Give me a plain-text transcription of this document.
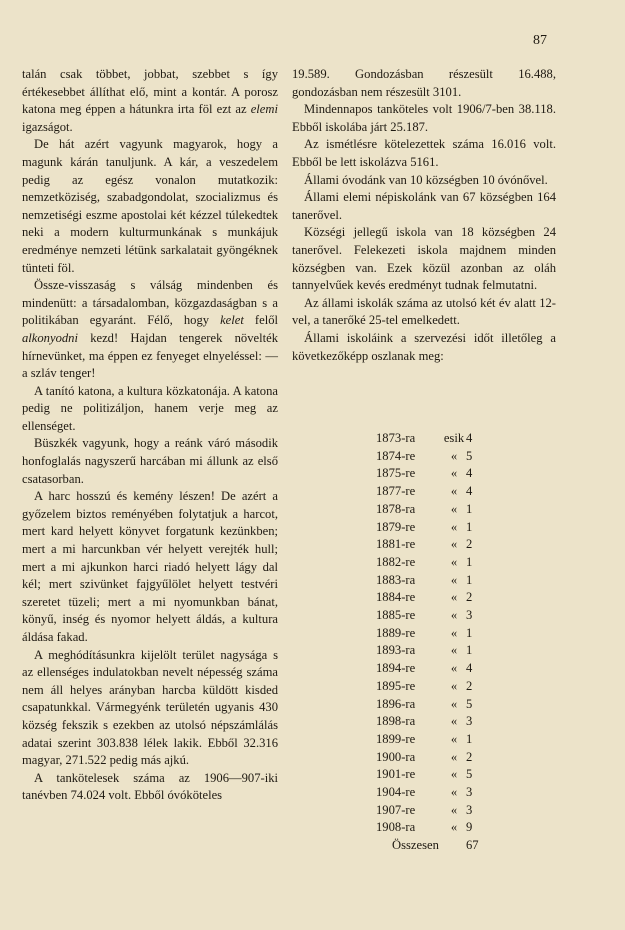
87

talán csak többet, jobbat, szebbet s így értékesebbet állíthat elő, mint a kontár. A porosz katona meg éppen a hátunkra irta föl ezt az elemi igazságot.

De hát azért vagyunk magyarok, hogy a magunk kárán tanuljunk. A kár, a veszedelem pedig az egész vonalon mutatkozik: nemzetköziség, szabadgondolat, szocializmus és nemzetiségi eszme apostolai két kézzel túlekedtek neki a modern kulturmunkának s munkájuk eredménye nemzeti létünk sarkalatait gyöngéknek tünteti föl.

Össze-visszaság s válság mindenben és mindenütt: a társadalomban, közgazdaságban s a politikában egyaránt. Félő, hogy kelet felől alkonyodni kezd! Hajdan tengerek növelték hírnevünket, ma éppen ez fenyeget elnyeléssel: — a szláv tenger!

A tanító katona, a kultura közkatonája. A katona pedig ne politizáljon, hanem verje meg az ellenséget.

Büszkék vagyunk, hogy a reánk váró második honfoglalás nagyszerű harcában mi állunk az első csatasorban.

A harc hosszú és kemény lészen! De azért a győzelem biztos reményében folytatjuk a harcot, mert kard helyett könyvet forgatunk kezünkben; mert a mi harcunkban vér helyett verejték hull; mert a mi ajkunkon harci riadó helyett lágy dal kél; mert szivünket fajgyűlölet helyett testvéri szeretet tüzeli; mert a mi nyomunkban bánat, könyű, inség és nyomor helyett áldás, a kultura áldása fakad.

A meghódításunkra kijelölt terület nagysága s az ellenséges indulatokban nevelt népesség száma nem áll helyes arányban harcba küldött kisded csapatunkkal. Vármegyénk területén ugyanis 430 község fekszik s ezekben az utolsó népszámlálás adatai szerint 303.838 lélek lakik. Ebből 32.316 magyar, 271.522 pedig más ajkú.

A tankötelesek száma az 1906—907-iki tanévben 74.024 volt. Ebből óvóköteles

19.589. Gondozásban részesült 16.488, gondozásban nem részesült 3101.

Mindennapos tanköteles volt 1906/7-ben 38.118. Ebből iskolába járt 25.187.

Az ismétlésre kötelezettek száma 16.016 volt. Ebből be lett iskolázva 5161.

Állami óvodánk van 10 községben 10 óvónővel.

Állami elemi népiskolánk van 67 községben 164 tanerővel.

Községi jellegű iskola van 18 községben 24 tanerővel. Felekezeti iskola majdnem minden községben van. Ezek közül azonban az oláh tannyelvűek kevés eredményt tudnak felmutatni.

Az állami iskolák száma az utolsó két év alatt 12-vel, a tanerőké 25-tel emelkedett.

Állami iskoláink a szervezési időt illetőleg a következőképp oszlanak meg:

1873-ra	esik 4
1874-re	« 5
1875-re	« 4
1877-re	« 4
1878-ra	« 1
1879-re	« 1
1881-re	« 2
1882-re	« 1
1883-ra	« 1
1884-re	« 2
1885-re	« 3
1889-re	« 1
1893-ra	« 1
1894-re	« 4
1895-re	« 2
1896-ra	« 5
1898-ra	« 3
1899-re	« 1
1900-ra	« 2
1901-re	« 5
1904-re	« 3
1907-re	« 3
1908-ra	« 9
Összesen	67
